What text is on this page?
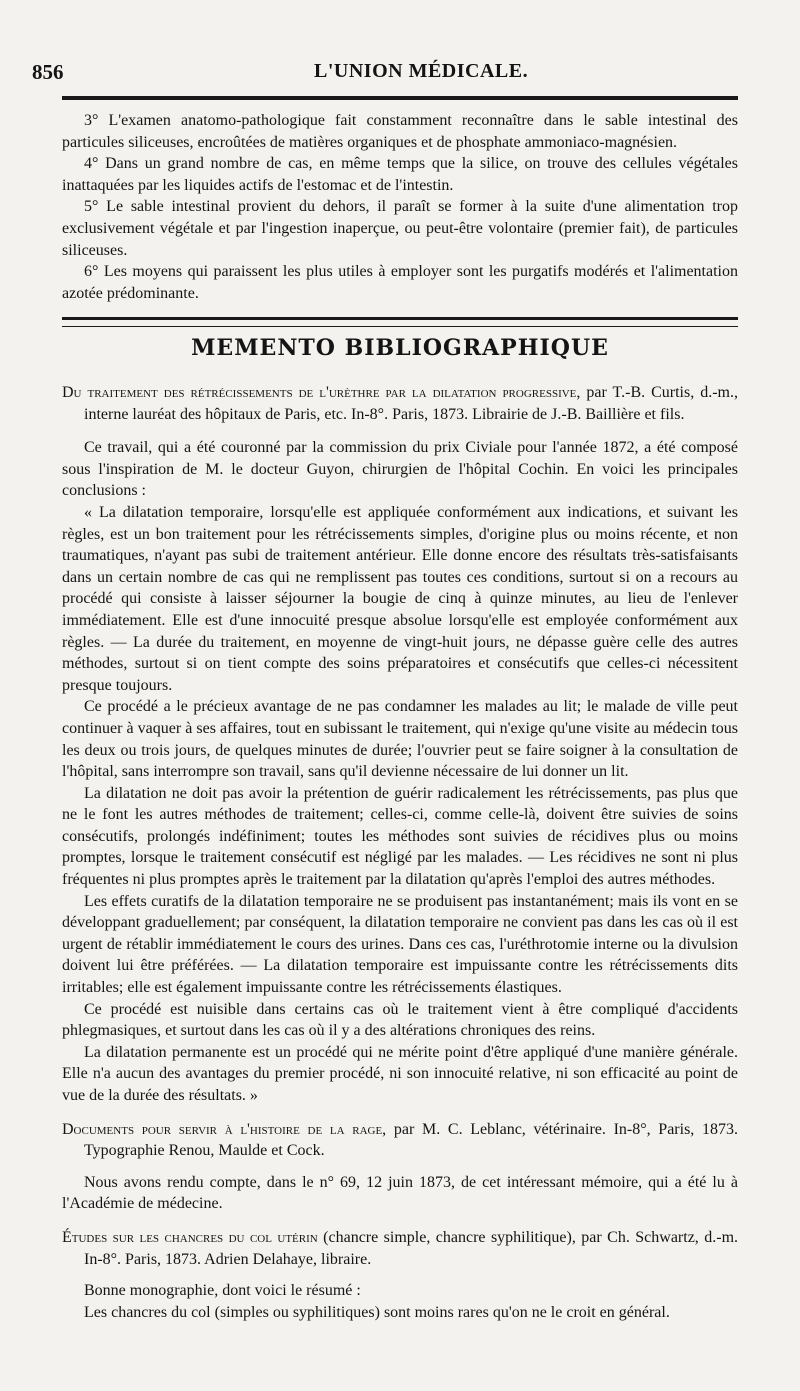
856	L'UNION MÉDICALE.

3° L'examen anatomo-pathologique fait constamment reconnaître dans le sable intestinal des particules siliceuses, encroûtées de matières organiques et de phosphate ammoniaco-magnésien.

4° Dans un grand nombre de cas, en même temps que la silice, on trouve des cellules végétales inattaquées par les liquides actifs de l'estomac et de l'intestin.

5° Le sable intestinal provient du dehors, il paraît se former à la suite d'une alimentation trop exclusivement végétale et par l'ingestion inaperçue, ou peut-être volontaire (premier fait), de particules siliceuses.

6° Les moyens qui paraissent les plus utiles à employer sont les purgatifs modérés et l'alimentation azotée prédominante.

MEMENTO BIBLIOGRAPHIQUE

Du traitement des rétrécissements de l'urèthre par la dilatation progressive, par T.-B. Curtis, d.-m., interne lauréat des hôpitaux de Paris, etc. In-8°. Paris, 1873. Librairie de J.-B. Baillière et fils.

Ce travail, qui a été couronné par la commission du prix Civiale pour l'année 1872, a été composé sous l'inspiration de M. le docteur Guyon, chirurgien de l'hôpital Cochin. En voici les principales conclusions :

« La dilatation temporaire, lorsqu'elle est appliquée conformément aux indications, et suivant les règles, est un bon traitement pour les rétrécissements simples, d'origine plus ou moins récente, et non traumatiques, n'ayant pas subi de traitement antérieur. Elle donne encore des résultats très-satisfaisants dans un certain nombre de cas qui ne remplissent pas toutes ces conditions, surtout si on a recours au procédé qui consiste à laisser séjourner la bougie de cinq à quinze minutes, au lieu de l'enlever immédiatement. Elle est d'une innocuité presque absolue lorsqu'elle est employée conformément aux règles. — La durée du traitement, en moyenne de vingt-huit jours, ne dépasse guère celle des autres méthodes, surtout si on tient compte des soins préparatoires et consécutifs que celles-ci nécessitent presque toujours.

Ce procédé a le précieux avantage de ne pas condamner les malades au lit; le malade de ville peut continuer à vaquer à ses affaires, tout en subissant le traitement, qui n'exige qu'une visite au médecin tous les deux ou trois jours, de quelques minutes de durée; l'ouvrier peut se faire soigner à la consultation de l'hôpital, sans interrompre son travail, sans qu'il devienne nécessaire de lui donner un lit.

La dilatation ne doit pas avoir la prétention de guérir radicalement les rétrécissements, pas plus que ne le font les autres méthodes de traitement; celles-ci, comme celle-là, doivent être suivies de soins consécutifs, prolongés indéfiniment; toutes les méthodes sont suivies de récidives plus ou moins promptes, lorsque le traitement consécutif est négligé par les malades. — Les récidives ne sont ni plus fréquentes ni plus promptes après le traitement par la dilatation qu'après l'emploi des autres méthodes.

Les effets curatifs de la dilatation temporaire ne se produisent pas instantanément; mais ils vont en se développant graduellement; par conséquent, la dilatation temporaire ne convient pas dans les cas où il est urgent de rétablir immédiatement le cours des urines. Dans ces cas, l'uréthrotomie interne ou la divulsion doivent lui être préférées. — La dilatation temporaire est impuissante contre les rétrécissements dits irritables; elle est également impuissante contre les rétrécissements élastiques.

Ce procédé est nuisible dans certains cas où le traitement vient à être compliqué d'accidents phlegmasiques, et surtout dans les cas où il y a des altérations chroniques des reins.

La dilatation permanente est un procédé qui ne mérite point d'être appliqué d'une manière générale. Elle n'a aucun des avantages du premier procédé, ni son innocuité relative, ni son efficacité au point de vue de la durée des résultats. »

Documents pour servir à l'histoire de la rage, par M. C. Leblanc, vétérinaire. In-8°, Paris, 1873. Typographie Renou, Maulde et Cock.

Nous avons rendu compte, dans le n° 69, 12 juin 1873, de cet intéressant mémoire, qui a été lu à l'Académie de médecine.

Études sur les chancres du col utérin (chancre simple, chancre syphilitique), par Ch. Schwartz, d.-m. In-8°. Paris, 1873. Adrien Delahaye, libraire.

Bonne monographie, dont voici le résumé :

Les chancres du col (simples ou syphilitiques) sont moins rares qu'on ne le croit en général.
